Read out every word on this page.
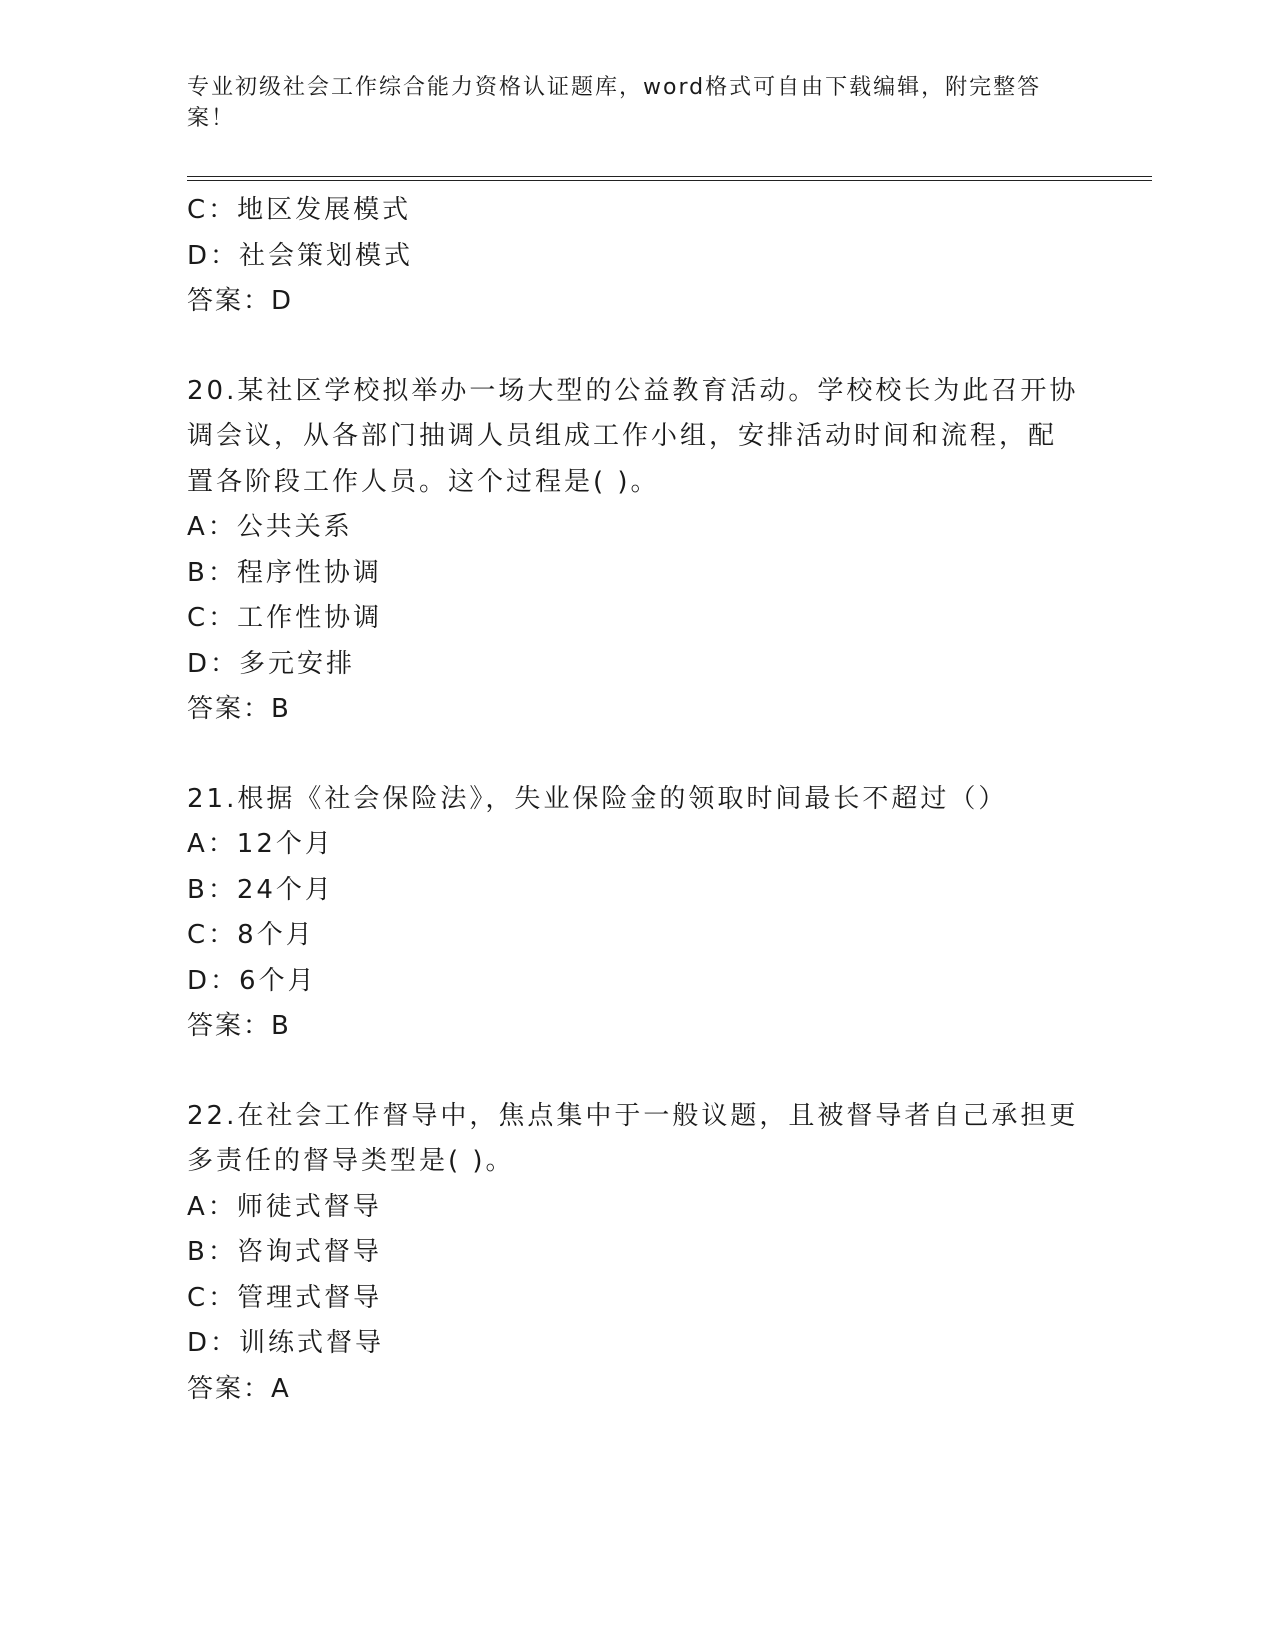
专业初级社会工作综合能力资格认证题库，word格式可自由下载编辑，附完整答案！
C：地区发展模式
D：社会策划模式
答案：D
20.某社区学校拟举办一场大型的公益教育活动。学校校长为此召开协
调会议，从各部门抽调人员组成工作小组，安排活动时间和流程，配
置各阶段工作人员。这个过程是( )。
A：公共关系
B：程序性协调
C：工作性协调
D：多元安排
答案：B
21.根据《社会保险法》，失业保险金的领取时间最长不超过（）
A：12个月
B：24个月
C：8个月
D：6个月
答案：B
22.在社会工作督导中，焦点集中于一般议题，且被督导者自己承担更
多责任的督导类型是( )。
A：师徒式督导
B：咨询式督导
C：管理式督导
D：训练式督导
答案：A
